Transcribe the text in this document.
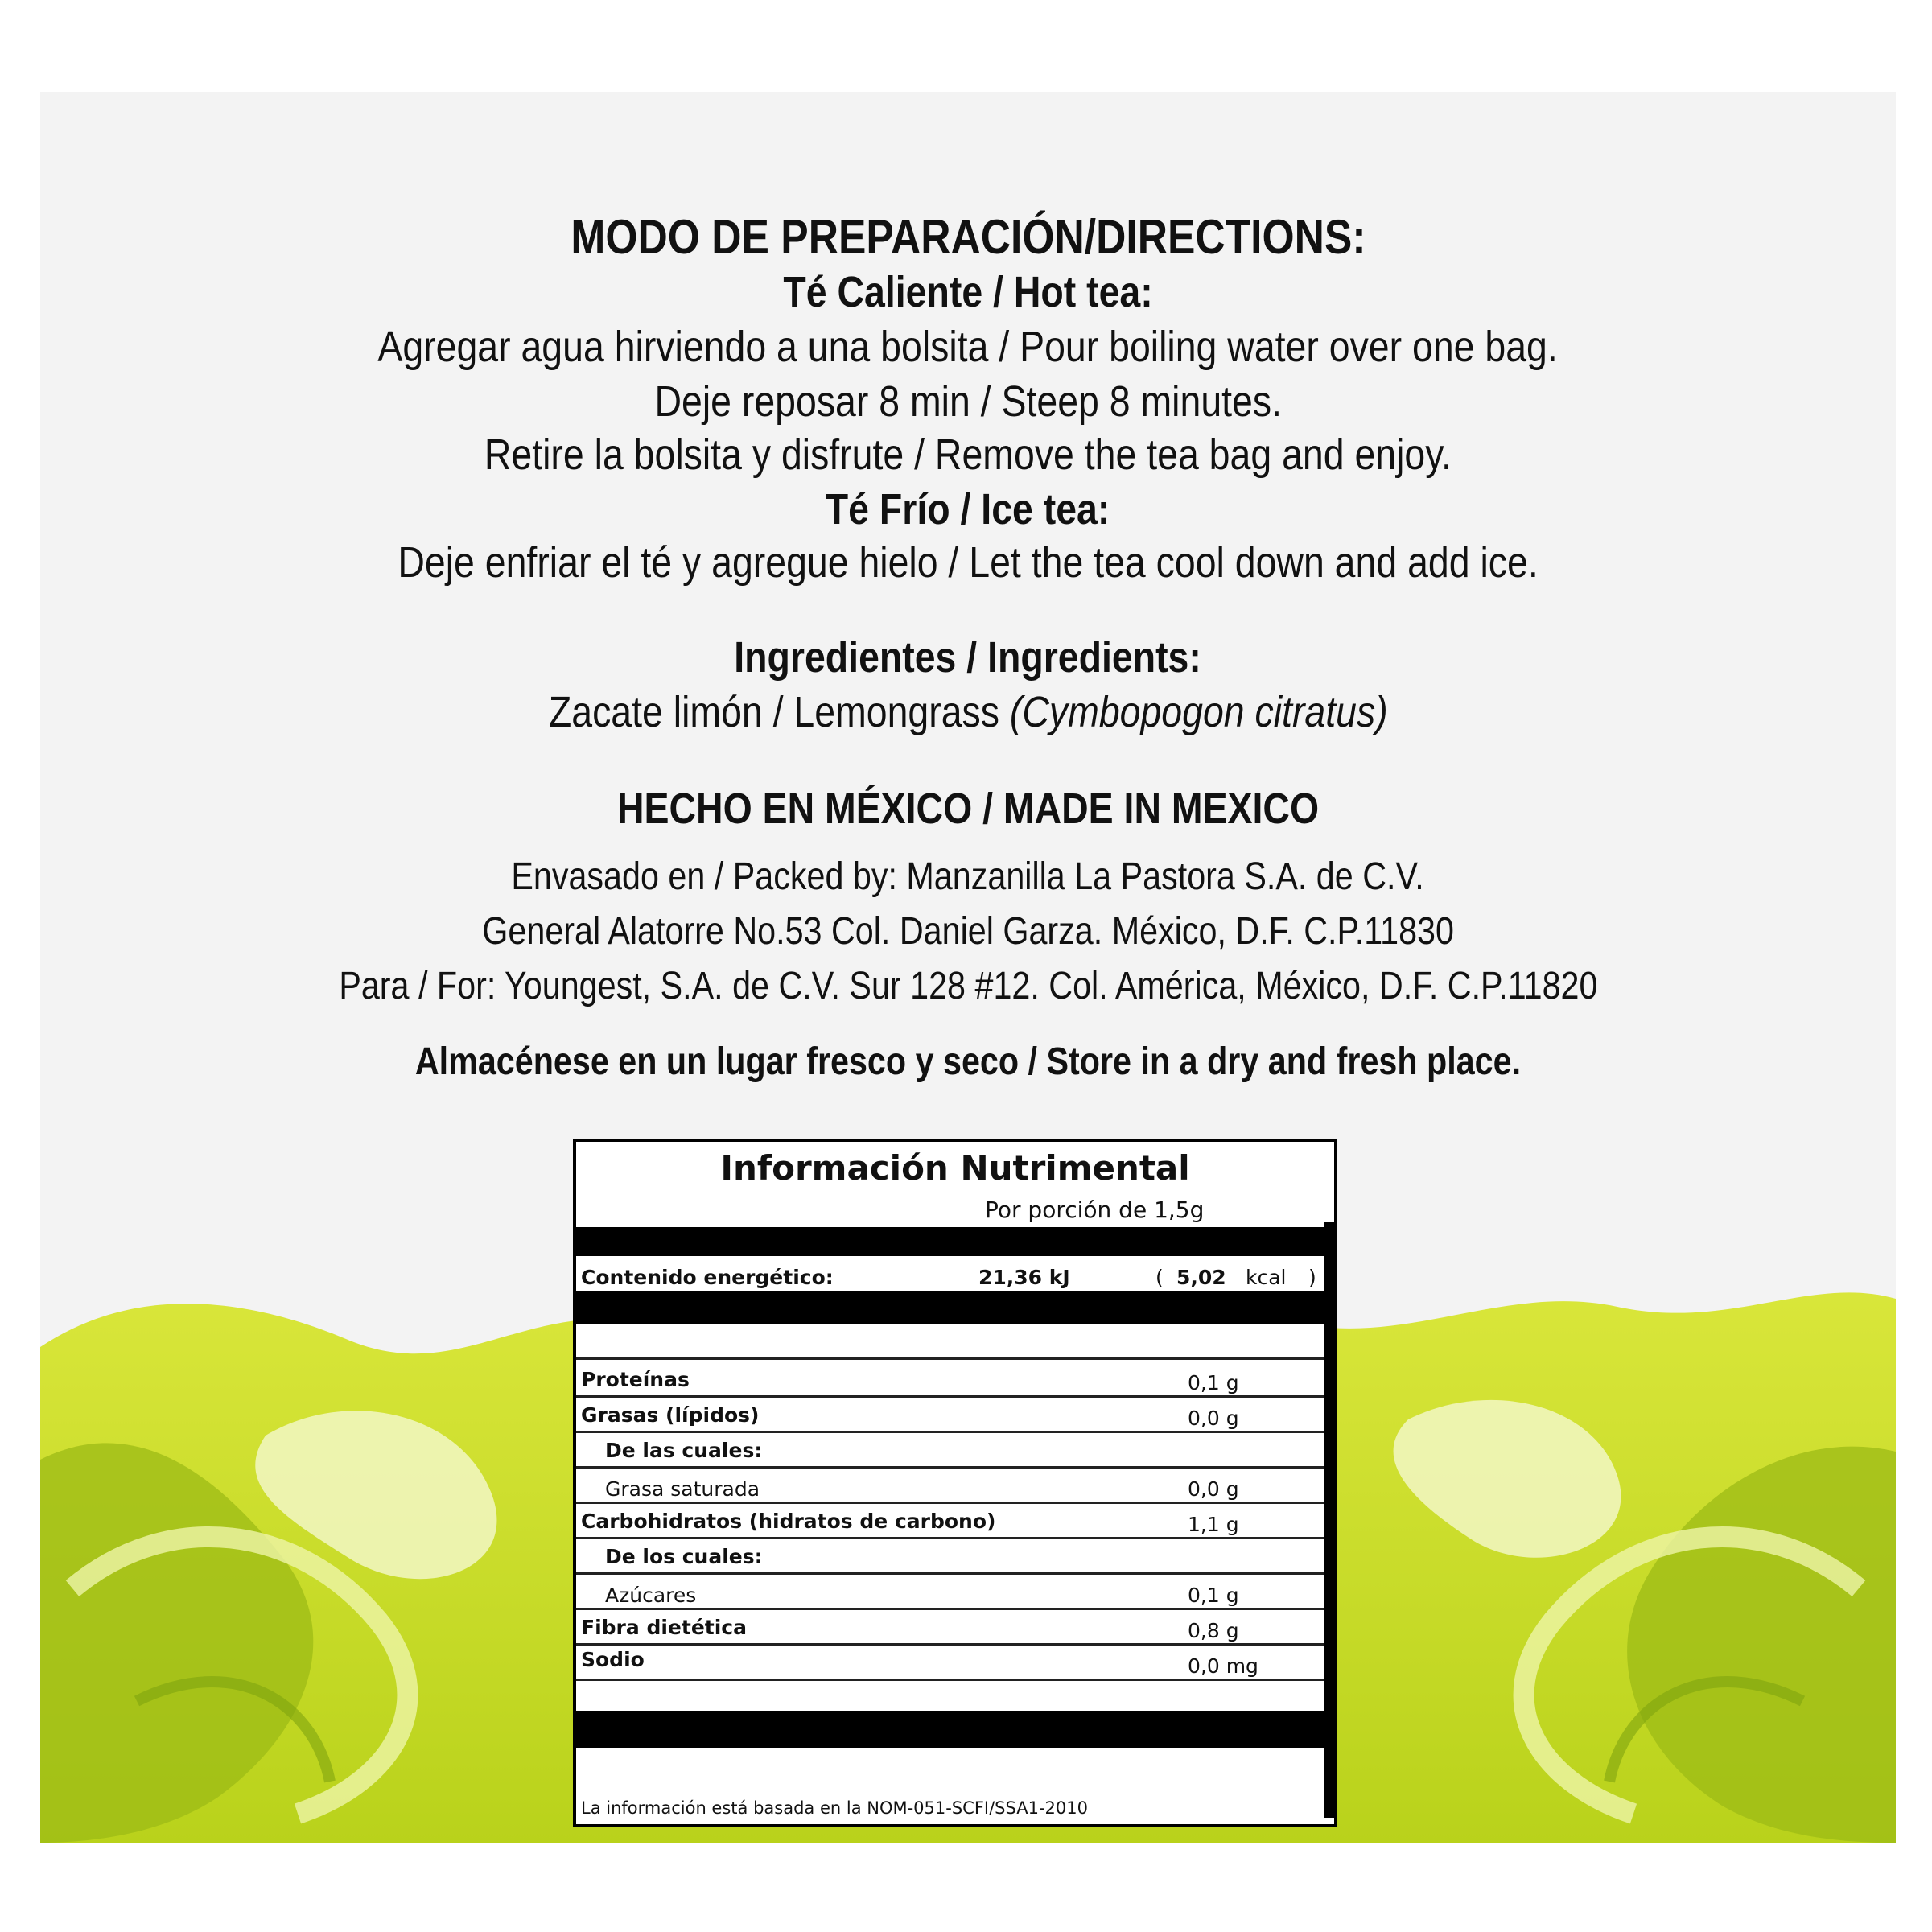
MODO DE PREPARACIÓN/DIRECTIONS:
Té Caliente / Hot tea:
Agregar agua hirviendo a una bolsita / Pour boiling water over one bag.
Deje reposar 8 min / Steep 8 minutes.
Retire la bolsita y disfrute / Remove the tea bag and enjoy.
Té Frío / Ice tea:
Deje enfriar el té y agregue hielo / Let the tea cool down and add ice.
Ingredientes / Ingredients:
Zacate limón / Lemongrass (Cymbopogon citratus)
HECHO EN MÉXICO / MADE IN MEXICO
Envasado en / Packed by: Manzanilla La Pastora S.A. de C.V.
General Alatorre No.53 Col. Daniel Garza. México, D.F. C.P.11830
Para / For: Youngest, S.A. de C.V. Sur 128 #12. Col. América, México, D.F. C.P.11820
Almacénese en un lugar fresco y seco / Store in a dry and fresh place.
Información Nutrimental
Por porción de 1,5g
Contenido energético:	21,36 kJ	( 5,02 kcal )
Proteínas	0,1 g
Grasas (lípidos)	0,0 g
De las cuales:
Grasa saturada	0,0 g
Carbohidratos (hidratos de carbono)	1,1 g
De los cuales:
Azúcares	0,1 g
Fibra dietética	0,8 g
Sodio	0,0 mg
La información está basada en la NOM-051-SCFI/SSA1-2010
